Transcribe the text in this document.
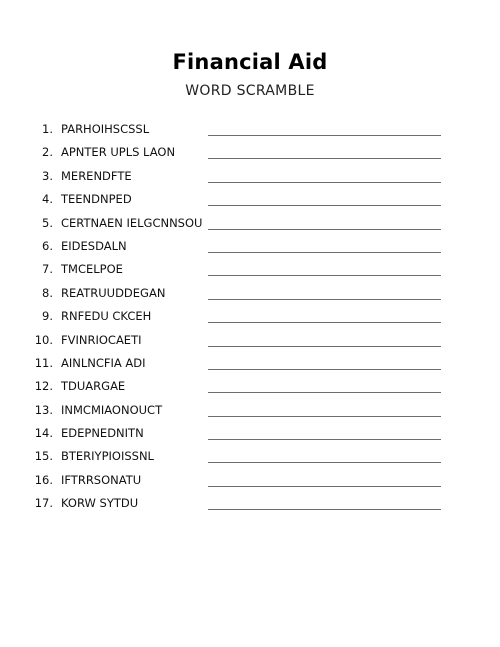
Financial Aid
WORD SCRAMBLE
1. PARHOIHSCSSL
2. APNTER UPLS LAON
3. MERENDFTE
4. TEENDNPED
5. CERTNAEN IELGCNNSOU
6. EIDESDALN
7. TMCELPOE
8. REATRUUDDEGAN
9. RNFEDU CKCEH
10. FVINRIOCAETI
11. AINLNCFIA ADI
12. TDUARGAE
13. INMCMIAONOUCT
14. EDEPNEDNITN
15. BTERIYPIOISSNL
16. IFTRRSONATU
17. KORW SYTDU
